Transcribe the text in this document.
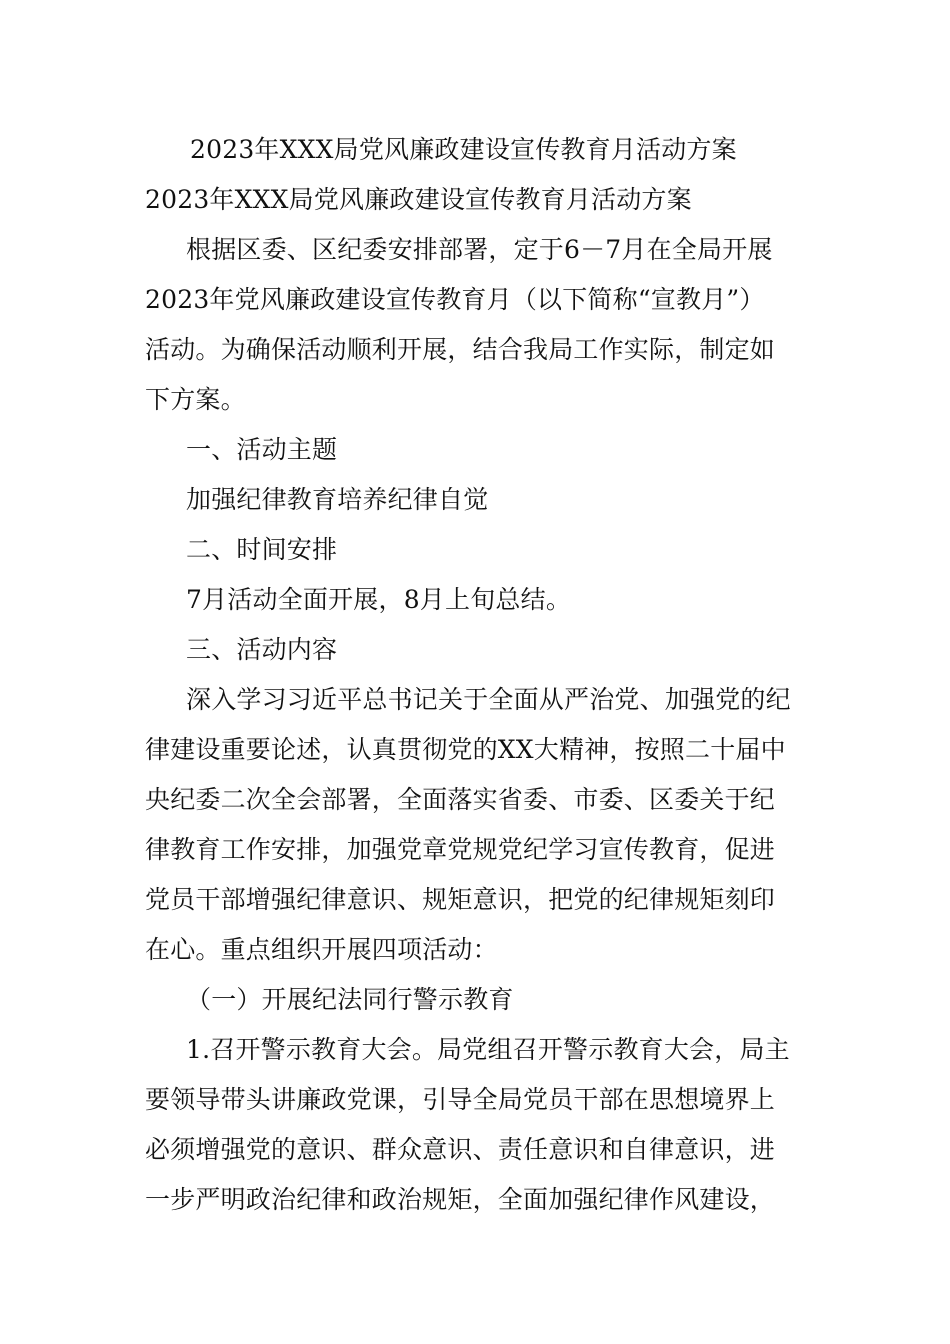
2023年XXX局党风廉政建设宣传教育月活动方案
2023年XXX局党风廉政建设宣传教育月活动方案
根据区委、区纪委安排部署，定于6－7月在全局开展
2023年党风廉政建设宣传教育月（以下简称“宣教月”）
活动。为确保活动顺利开展，结合我局工作实际，制定如
下方案。
一、活动主题
加强纪律教育培养纪律自觉
二、时间安排
7月活动全面开展，8月上旬总结。
三、活动内容
深入学习习近平总书记关于全面从严治党、加强党的纪
律建设重要论述，认真贯彻党的XX大精神，按照二十届中
央纪委二次全会部署，全面落实省委、市委、区委关于纪
律教育工作安排，加强党章党规党纪学习宣传教育，促进
党员干部增强纪律意识、规矩意识，把党的纪律规矩刻印
在心。重点组织开展四项活动：
（一）开展纪法同行警示教育
1.召开警示教育大会。局党组召开警示教育大会，局主
要领导带头讲廉政党课，引导全局党员干部在思想境界上
必须增强党的意识、群众意识、责任意识和自律意识，进
一步严明政治纪律和政治规矩，全面加强纪律作风建设，
